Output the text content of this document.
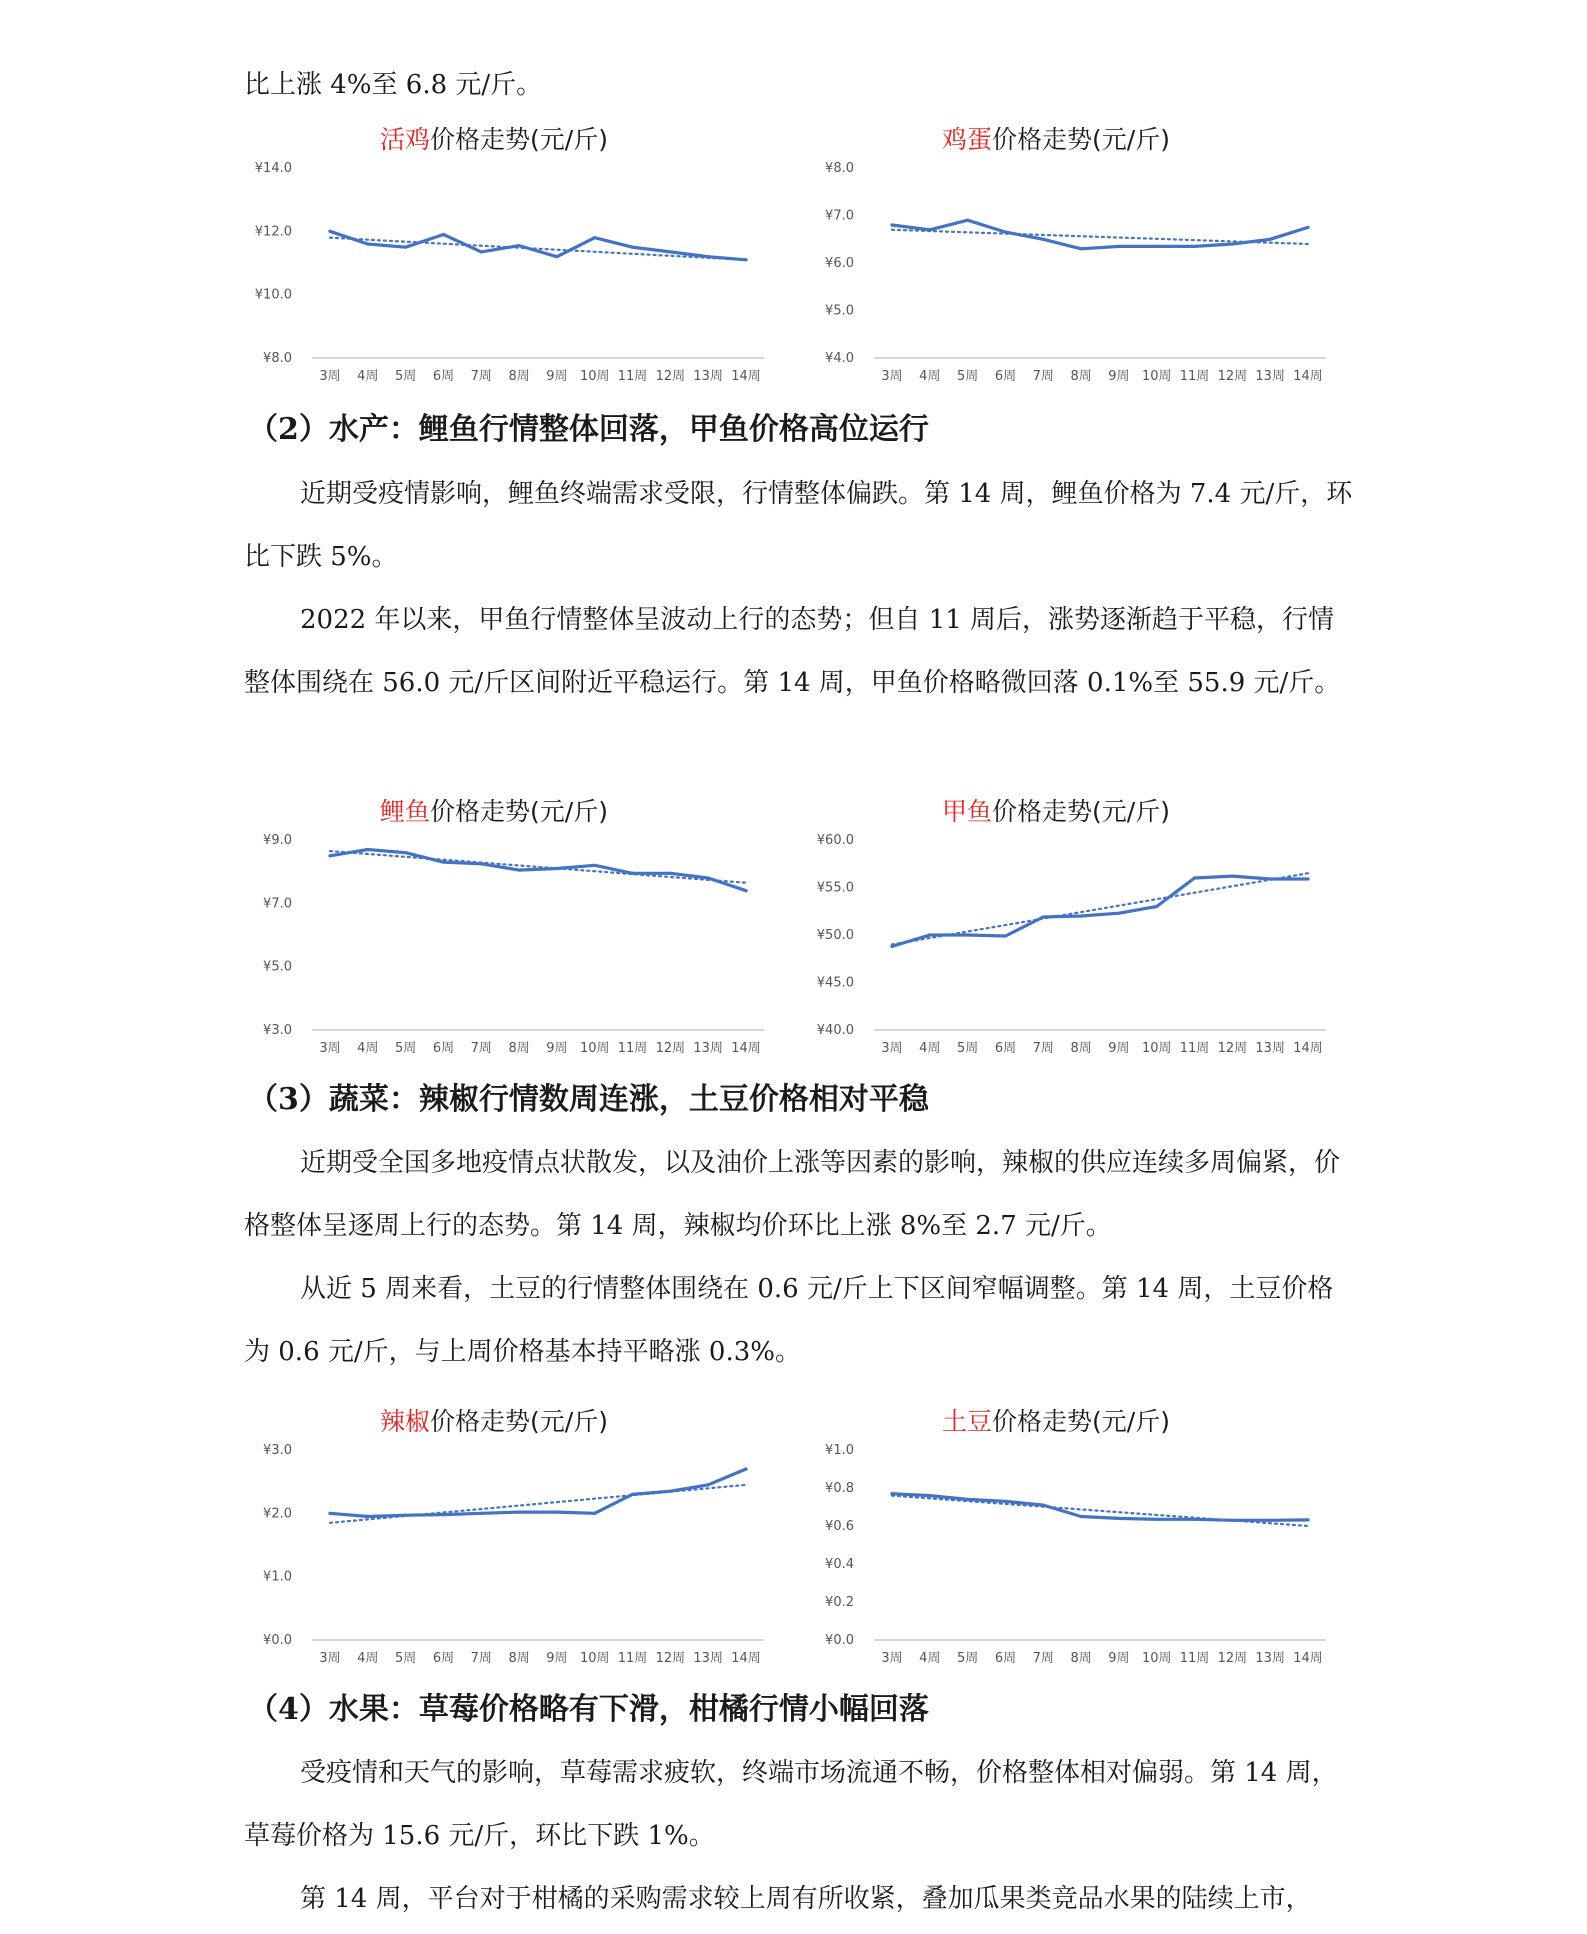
比上涨 4%至 6.8 元/斤。

活鸡价格走势(元/斤)
¥8.0
¥10.0
¥12.0
¥14.0
3周 4周 5周 6周 7周 8周 9周 10周 11周 12周 13周 14周
鸡蛋价格走势(元/斤)
¥4.0
¥5.0
¥6.0
¥7.0
¥8.0
3周 4周 5周 6周 7周 8周 9周 10周 11周 12周 13周 14周
（2）水产：鲤鱼行情整体回落，甲鱼价格高位运行

近期受疫情影响，鲤鱼终端需求受限，行情整体偏跌。第 14 周，鲤鱼价格为 7.4 元/斤，环比下跌 5%。

2022 年以来，甲鱼行情整体呈波动上行的态势；但自 11 周后，涨势逐渐趋于平稳，行情整体围绕在 56.0 元/斤区间附近平稳运行。第 14 周，甲鱼价格略微回落 0.1%至 55.9 元/斤。

鲤鱼价格走势(元/斤)
¥3.0
¥5.0
¥7.0
¥9.0
3周 4周 5周 6周 7周 8周 9周 10周 11周 12周 13周 14周
甲鱼价格走势(元/斤)
¥40.0
¥45.0
¥50.0
¥55.0
¥60.0
3周 4周 5周 6周 7周 8周 9周 10周 11周 12周 13周 14周
（3）蔬菜：辣椒行情数周连涨，土豆价格相对平稳

近期受全国多地疫情点状散发，以及油价上涨等因素的影响，辣椒的供应连续多周偏紧，价格整体呈逐周上行的态势。第 14 周，辣椒均价环比上涨 8%至 2.7 元/斤。

从近 5 周来看，土豆的行情整体围绕在 0.6 元/斤上下区间窄幅调整。第 14 周，土豆价格为 0.6 元/斤，与上周价格基本持平略涨 0.3%。

辣椒价格走势(元/斤)
¥0.0
¥1.0
¥2.0
¥3.0
3周 4周 5周 6周 7周 8周 9周 10周 11周 12周 13周 14周
土豆价格走势(元/斤)
¥0.0
¥0.2
¥0.4
¥0.6
¥0.8
¥1.0
3周 4周 5周 6周 7周 8周 9周 10周 11周 12周 13周 14周
（4）水果：草莓价格略有下滑，柑橘行情小幅回落

受疫情和天气的影响，草莓需求疲软，终端市场流通不畅，价格整体相对偏弱。第 14 周，草莓价格为 15.6 元/斤，环比下跌 1%。

第 14 周，平台对于柑橘的采购需求较上周有所收紧，叠加瓜果类竞品水果的陆续上市，
